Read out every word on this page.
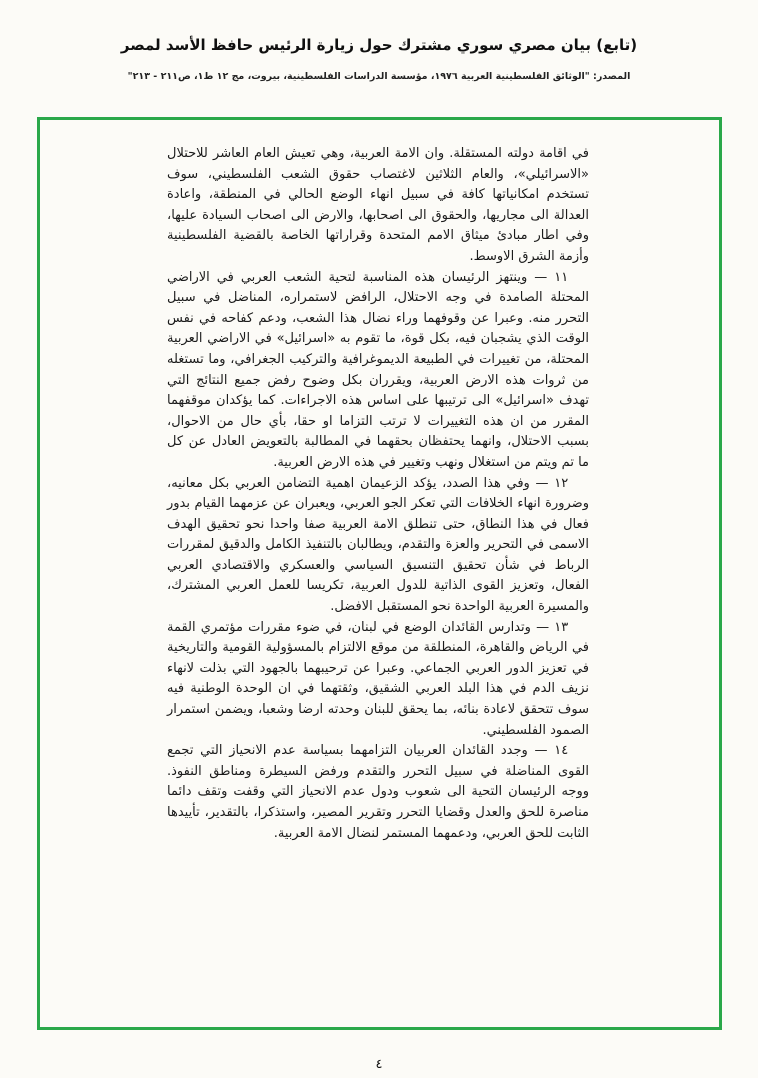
(تابع) بيان مصري سوري مشترك حول زيارة الرئيس حافظ الأسد لمصر
المصدر: "الوثائق الفلسطينية العربية ١٩٧٦، مؤسسة الدراسات الفلسطينية، بيروت، مج ١٢ ط١، ص٢١١ - ٢١٣"

في اقامة دولته المستقلة. وان الامة العربية، وهي تعيش العام العاشر للاحتلال «الاسرائيلي»، والعام الثلاثين لاغتصاب حقوق الشعب الفلسطيني، سوف تستخدم امكانياتها كافة في سبيل انهاء الوضع الحالي في المنطقة، واعادة العدالة الى مجاريها، والحقوق الى اصحابها، والارض الى اصحاب السيادة عليها، وفي اطار مبادئ ميثاق الامم المتحدة وقراراتها الخاصة بالقضية الفلسطينية وأزمة الشرق الاوسط.

١١ — وينتهز الرئيسان هذه المناسبة لتحية الشعب العربي في الاراضي المحتلة الصامدة في وجه الاحتلال، الرافض لاستمراره، المناضل في سبيل التحرر منه. وعبرا عن وقوفهما وراء نضال هذا الشعب، ودعم كفاحه في نفس الوقت الذي يشجبان فيه، بكل قوة، ما تقوم به «اسرائيل» في الاراضي العربية المحتلة، من تغييرات في الطبيعة الديموغرافية والتركيب الجغرافي، وما تستغله من ثروات هذه الارض العربية، ويقرران بكل وضوح رفض جميع النتائج التي تهدف «اسرائيل» الى ترتيبها على اساس هذه الاجراءات. كما يؤكدان موقفهما المقرر من ان هذه التغييرات لا ترتب التزاما او حقا، بأي حال من الاحوال، بسبب الاحتلال، وانهما يحتفظان بحقهما في المطالبة بالتعويض العادل عن كل ما تم ويتم من استغلال ونهب وتغيير في هذه الارض العربية.

١٢ — وفي هذا الصدد، يؤكد الزعيمان اهمية التضامن العربي بكل معانيه، وضرورة انهاء الخلافات التي تعكر الجو العربي، ويعبران عن عزمهما القيام بدور فعال في هذا النطاق، حتى تنطلق الامة العربية صفا واحدا نحو تحقيق الهدف الاسمى في التحرير والعزة والتقدم، ويطالبان بالتنفيذ الكامل والدقيق لمقررات الرباط في شأن تحقيق التنسيق السياسي والعسكري والاقتصادي العربي الفعال، وتعزيز القوى الذاتية للدول العربية، تكريسا للعمل العربي المشترك، والمسيرة العربية الواحدة نحو المستقبل الافضل.

١٣ — وتدارس القائدان الوضع في لبنان، في ضوء مقررات مؤتمري القمة في الرياض والقاهرة، المنطلقة من موقع الالتزام بالمسؤولية القومية والتاريخية في تعزيز الدور العربي الجماعي. وعبرا عن ترحيبهما بالجهود التي بذلت لانهاء نزيف الدم في هذا البلد العربي الشقيق، وثقتهما في ان الوحدة الوطنية فيه سوف تتحقق لاعادة بنائه، بما يحقق للبنان وحدته ارضا وشعبا، ويضمن استمرار الصمود الفلسطيني.

١٤ — وجدد القائدان العربيان التزامهما بسياسة عدم الانحياز التي تجمع القوى المناضلة في سبيل التحرر والتقدم ورفض السيطرة ومناطق النفوذ. ووجه الرئيسان التحية الى شعوب ودول عدم الانحياز التي وقفت وتقف دائما مناصرة للحق والعدل وقضايا التحرر وتقرير المصير، واستذكرا، بالتقدير، تأييدها الثابت للحق العربي، ودعمهما المستمر لنضال الامة العربية.

٤
